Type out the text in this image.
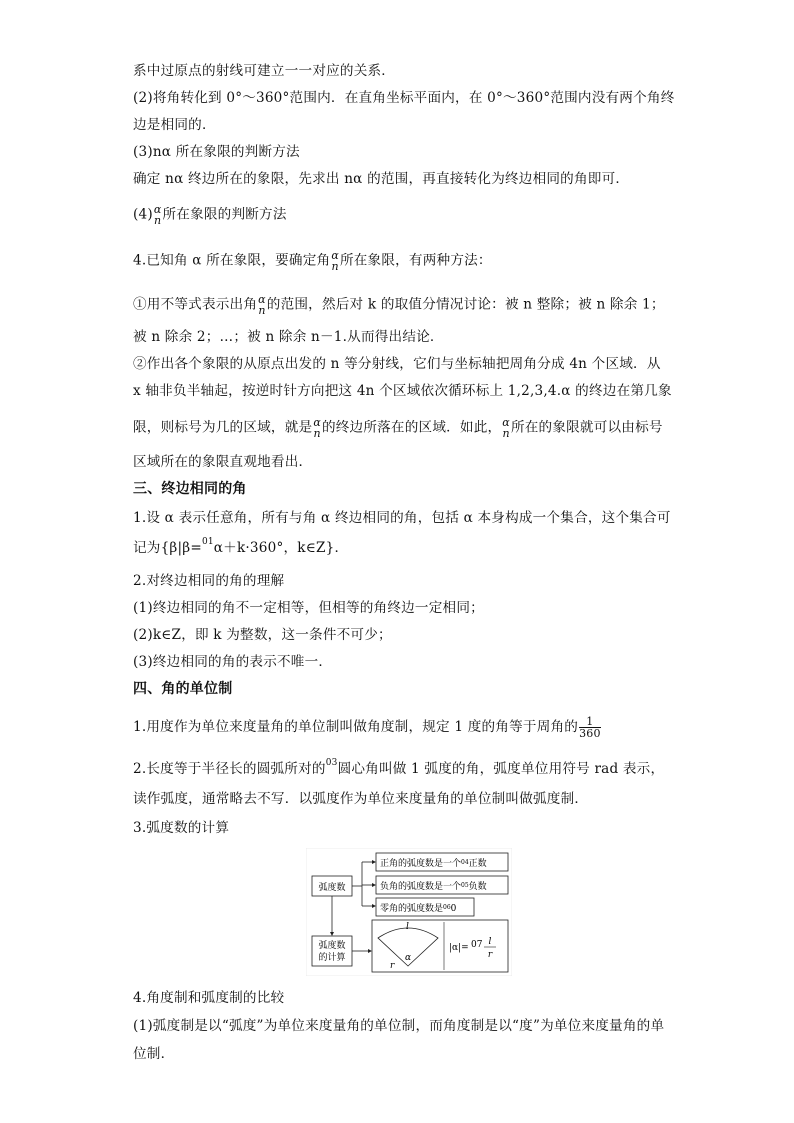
系中过原点的射线可建立一一对应的关系．
(2)将角转化到 0°～360°范围内．在直角坐标平面内，在 0°～360°范围内没有两个角终
边是相同的．
(3)nα 所在象限的判断方法
确定 nα 终边所在的象限，先求出 nα 的范围，再直接转化为终边相同的角即可．
(4) α
n 所在象限的判断方法
4.已知角 α 所在象限，要确定角 α
n 所在象限，有两种方法：
①用不等式表示出角 α
n 的范围，然后对 k 的取值分情况讨论：被 n 整除；被 n 除余 1；
被 n 除余 2；…；被 n 除余 n－1.从而得出结论．
②作出各个象限的从原点出发的 n 等分射线，它们与坐标轴把周角分成 4n 个区域．从
x 轴非负半轴起，按逆时针方向把这 4n 个区域依次循环标上 1,2,3,4.α 的终边在第几象
限，则标号为几的区域，就是 α
n 的终边所落在的区域．如此， α
n 所在的象限就可以由标号
区域所在的象限直观地看出．
三、终边相同的角
1.设 α 表示任意角，所有与角 α 终边相同的角，包括 α 本身构成一个集合，这个集合可
记为{β|β=$^{01}$α＋k·360°，k∈Z}．
2.对终边相同的角的理解
(1)终边相同的角不一定相等，但相等的角终边一定相同；
(2)k∈Z，即 k 为整数，这一条件不可少；
(3)终边相同的角的表示不唯一．
四、角的单位制
1.用度作为单位来度量角的单位制叫做角度制，规定 1 度的角等于周角的 $\frac{1}{360}$
2.长度等于半径长的圆弧所对的$^{03}$圆心角叫做 1 弧度的角，弧度单位用符号 rad 表示，
读作弧度，通常略去不写．以弧度作为单位来度量角的单位制叫做弧度制．
3.弧度数的计算
弧度数
正角的弧度数是一个$^{04}$正数
负角的弧度数是一个$^{05}$负数
零角的弧度数是$^{06}$0
弧度数
的计算
l
r
α
|α|= 07 l
r
4.角度制和弧度制的比较
(1)弧度制是以“弧度”为单位来度量角的单位制，而角度制是以“度”为单位来度量角的单
位制．
